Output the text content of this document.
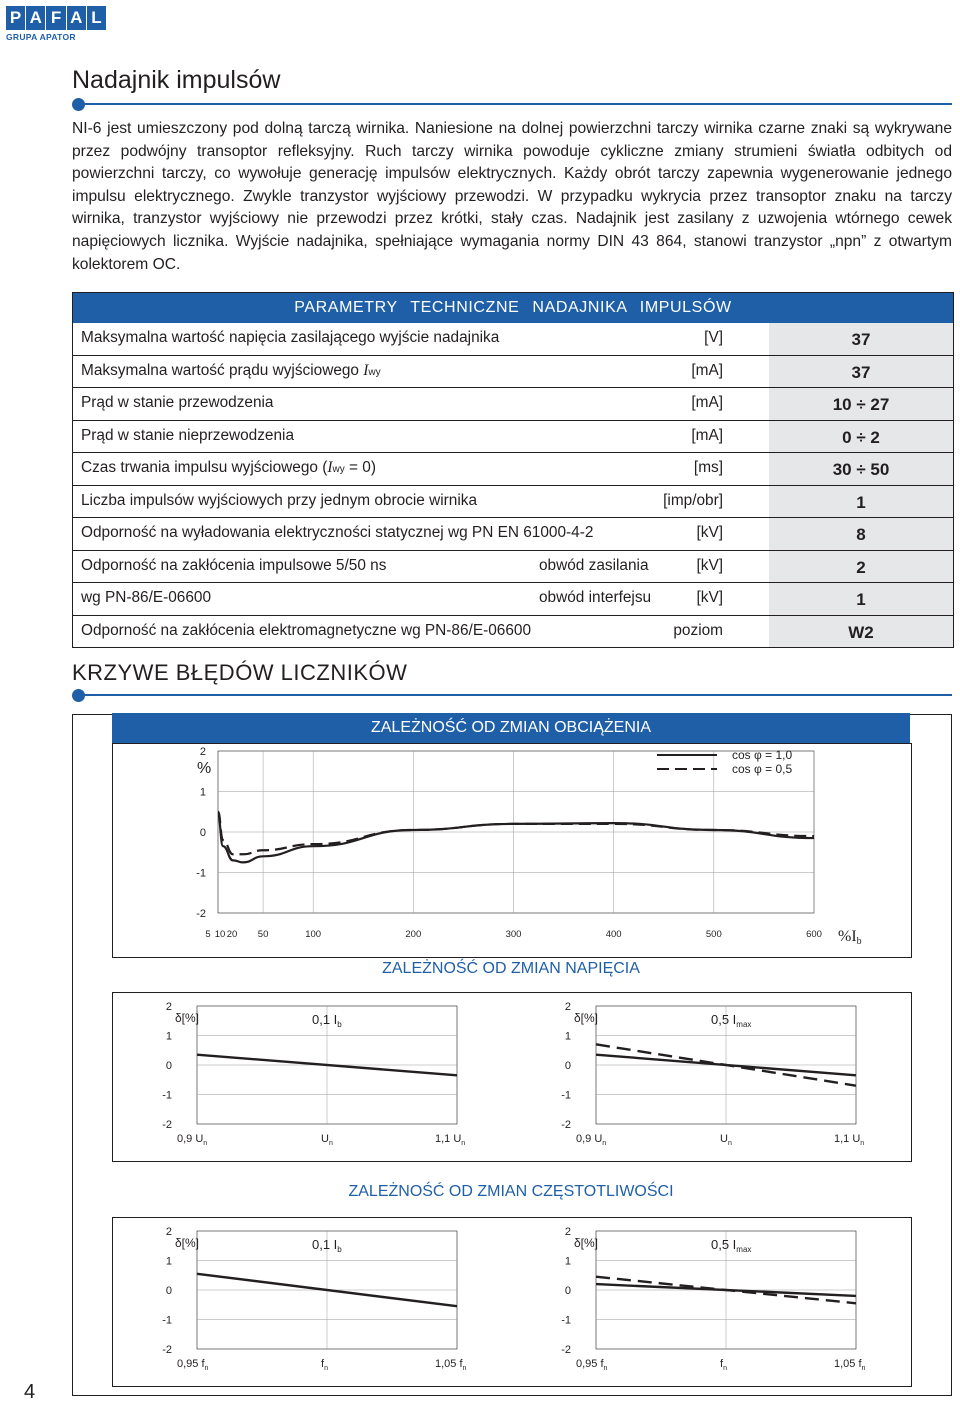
P A F A L
GRUPA APATOR
Nadajnik impulsów
NI-6 jest umieszczony pod dolną tarczą wirnika. Naniesione na dolnej powierzchni tarczy wirnika czarne znaki są wykrywane przez podwójny transoptor refleksyjny. Ruch tarczy wirnika powoduje cykliczne zmiany strumieni światła odbitych od powierzchni tarczy, co wywołuje generację impulsów elektrycznych. Każdy obrót tarczy zapewnia wygenerowanie jednego impulsu elektrycznego. Zwykle tranzystor wyjściowy przewodzi. W przypadku wykrycia przez transoptor znaku na tarczy wirnika, tranzystor wyjściowy nie przewodzi przez krótki, stały czas. Nadajnik jest zasilany z uzwojenia wtórnego cewek napięciowych licznika. Wyjście nadajnika, spełniające wymagania normy DIN 43 864, stanowi tranzystor „npn” z otwartym kolektorem OC.
PARAMETRY TECHNICZNE NADAJNIKA IMPULSÓW
Maksymalna wartość napięcia zasilającego wyjście nadajnika	[V]	37
Maksymalna wartość prądu wyjściowego Iwy	[mA]	37
Prąd w stanie przewodzenia	[mA]	10 ÷ 27
Prąd w stanie nieprzewodzenia	[mA]	0 ÷ 2
Czas trwania impulsu wyjściowego (Iwy = 0)	[ms]	30 ÷ 50
Liczba impulsów wyjściowych przy jednym obrocie wirnika	[imp/obr]	1
Odporność na wyładowania elektryczności statycznej wg PN EN 61000-4-2	[kV]	8
Odporność na zakłócenia impulsowe 5/50 ns	obwód zasilania	[kV]	2
wg PN-86/E-06600	obwód interfejsu	[kV]	1
Odporność na zakłócenia elektromagnetyczne wg PN-86/E-06600	poziom	W2
KRZYWE BŁĘDÓW LICZNIKÓW
ZALEŻNOŚĆ OD ZMIAN OBCIĄŻENIA
2
1
0
-1
-2
5 10 20 50	100	200	300	400	500	600
%
%Ib
cos φ = 1,0
cos φ = 0,5
ZALEŻNOŚĆ OD ZMIAN NAPIĘCIA
2
1
0
-1
-2
0,9 $U_n$	$U_n$	1,1 $U_n$
δ[%]	0,1 $I_b$
2
1
0
-1
-2
0,9 $U_n$	$U_n$	1,1 $U_n$
δ[%]	0,5 $I_{max}$
ZALEŻNOŚĆ OD ZMIAN CZĘSTOTLIWOŚCI
2
1
0
-1
-2
0,95 $f_n$	$f_n$	1,05 $f_n$
δ[%]	0,1 $I_b$
2
1
0
-1
-2
0,95 $f_n$	$f_n$	1,05 $f_n$
δ[%]	0,5 $I_{max}$
4
